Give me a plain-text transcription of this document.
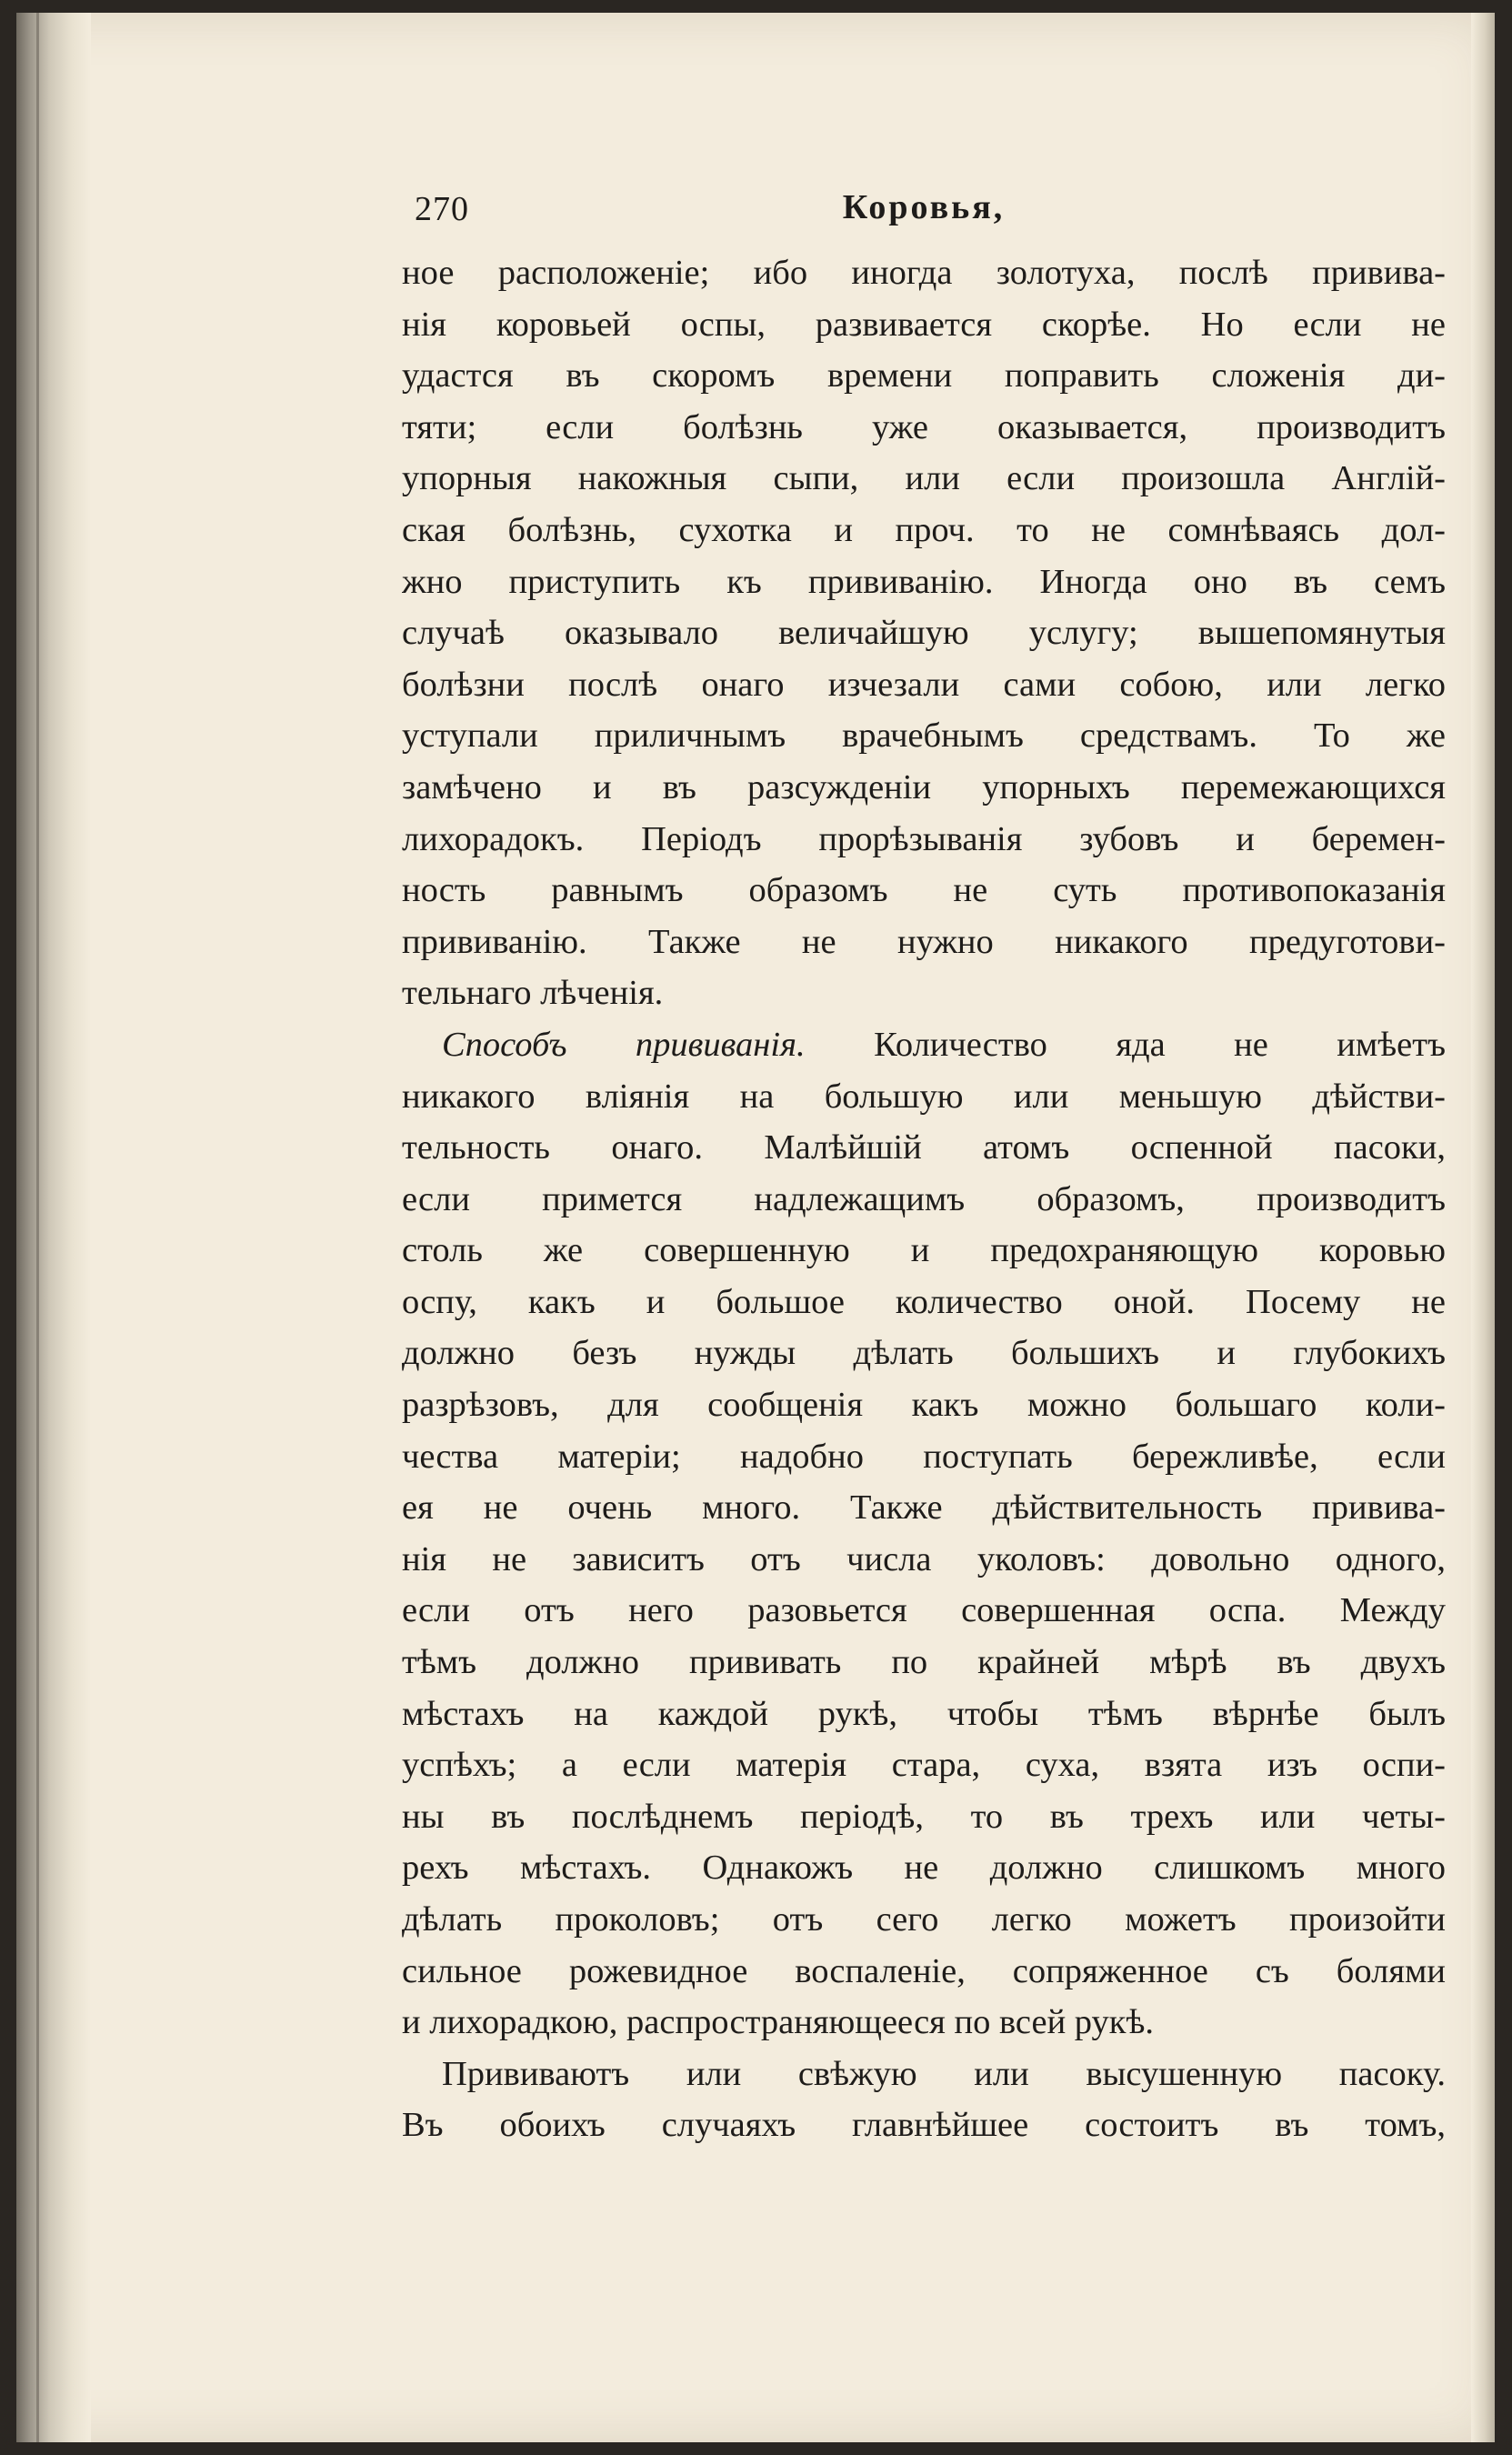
270	Коровья,
ное расположеніе; ибо иногда золотуха, послѣ привива-
нія коровьей оспы, развивается скорѣе. Но если не
удастся въ скоромъ времени поправить сложенія ди-
тяти; если болѣзнь уже оказывается, производитъ
упорныя накожныя сыпи, или если произошла Англій-
ская болѣзнь, сухотка и проч. то не сомнѣваясь дол-
жно приступить къ прививанію. Иногда оно въ семъ
случаѣ оказывало величайшую услугу; вышепомянутыя
болѣзни послѣ онаго изчезали сами собою, или легко
уступали приличнымъ врачебнымъ средствамъ. То же
замѣчено и въ разсужденіи упорныхъ перемежающихся
лихорадокъ. Періодъ прорѣзыванія зубовъ и беремен-
ность равнымъ образомъ не суть противопоказанія
прививанію. Также не нужно никакого предуготови-
тельнаго лѣченія.
Способъ прививанія. Количество яда не имѣетъ
никакого вліянія на большую или меньшую дѣйстви-
тельность онаго. Малѣйшій атомъ оспенной пасоки,
если примется надлежащимъ образомъ, производитъ
столь же совершенную и предохраняющую коровью
оспу, какъ и большое количество оной. Посему не
должно безъ нужды дѣлать большихъ и глубокихъ
разрѣзовъ, для сообщенія какъ можно большаго коли-
чества матеріи; надобно поступать бережливѣе, если
ея не очень много. Также дѣйствительность привива-
нія не зависитъ отъ числа уколовъ: довольно одного,
если отъ него разовьется совершенная оспа. Между
тѣмъ должно прививать по крайней мѣрѣ въ двухъ
мѣстахъ на каждой рукѣ, чтобы тѣмъ вѣрнѣе былъ
успѣхъ; а если матерія стара, суха, взята изъ оспи-
ны въ послѣднемъ періодѣ, то въ трехъ или четы-
рехъ мѣстахъ. Однакожъ не должно слишкомъ много
дѣлать проколовъ; отъ сего легко можетъ произойти
сильное рожевидное воспаленіе, сопряженное съ болями
и лихорадкою, распространяющееся по всей рукѣ.
Прививаютъ или свѣжую или высушенную пасоку.
Въ обоихъ случаяхъ главнѣйшее состоитъ въ томъ,
